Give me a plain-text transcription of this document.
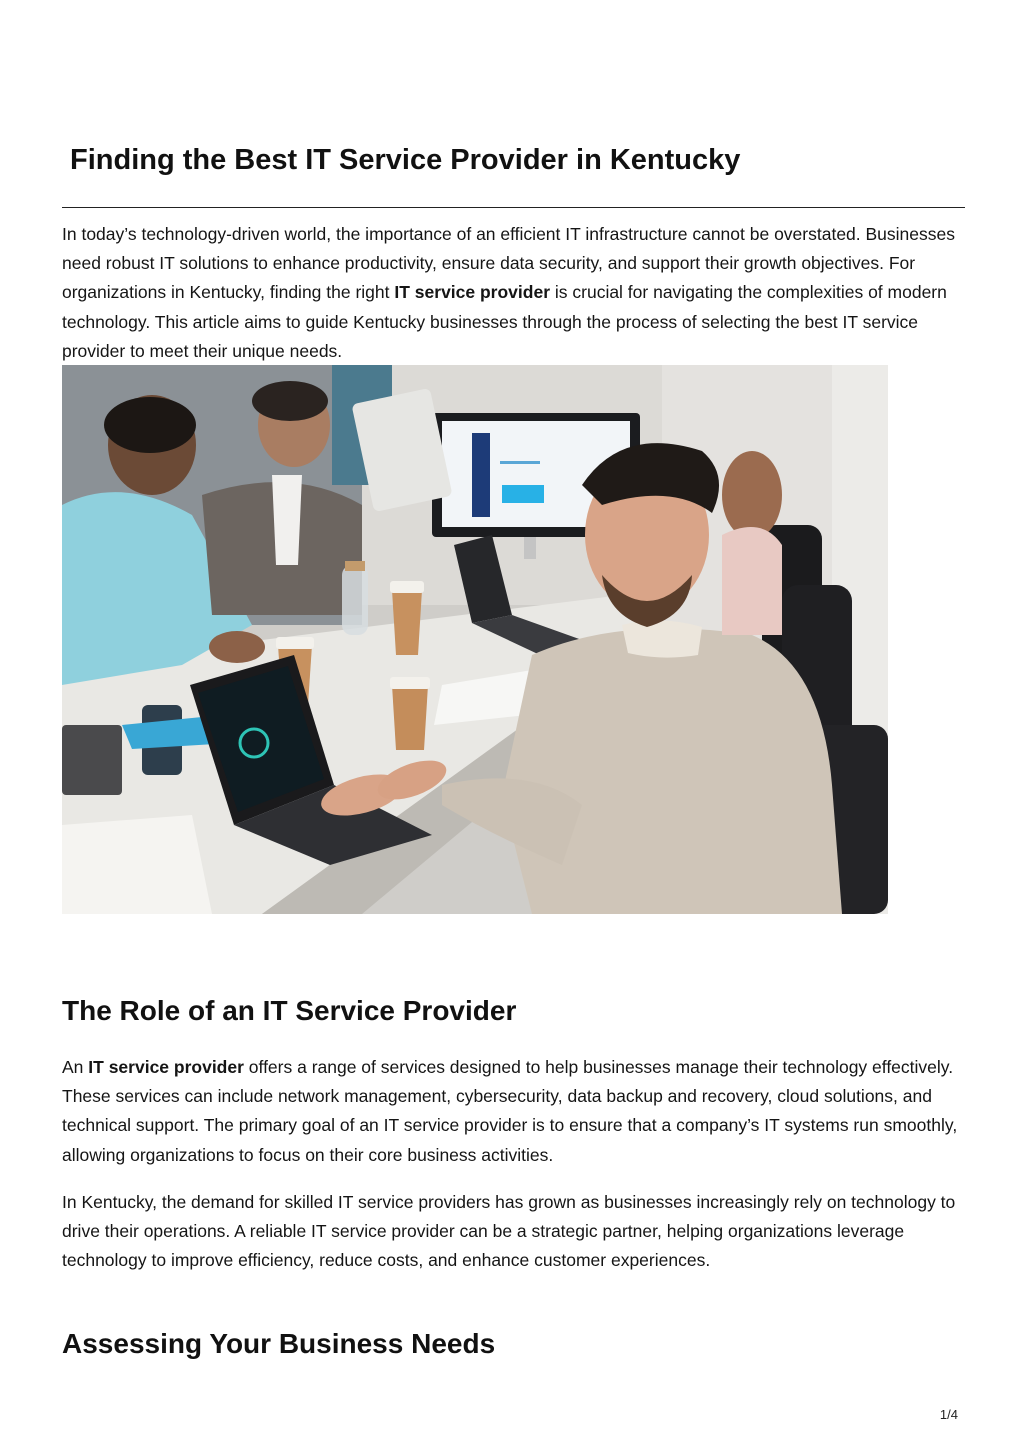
Finding the Best IT Service Provider in Kentucky

In today’s technology-driven world, the importance of an efficient IT infrastructure cannot be overstated. Businesses need robust IT solutions to enhance productivity, ensure data security, and support their growth objectives. For organizations in Kentucky, finding the right IT service provider is crucial for navigating the complexities of modern technology. This article aims to guide Kentucky businesses through the process of selecting the best IT service provider to meet their unique needs.

The Role of an IT Service Provider

An IT service provider offers a range of services designed to help businesses manage their technology effectively. These services can include network management, cybersecurity, data backup and recovery, cloud solutions, and technical support. The primary goal of an IT service provider is to ensure that a company’s IT systems run smoothly, allowing organizations to focus on their core business activities.

In Kentucky, the demand for skilled IT service providers has grown as businesses increasingly rely on technology to drive their operations. A reliable IT service provider can be a strategic partner, helping organizations leverage technology to improve efficiency, reduce costs, and enhance customer experiences.

Assessing Your Business Needs
1/4
